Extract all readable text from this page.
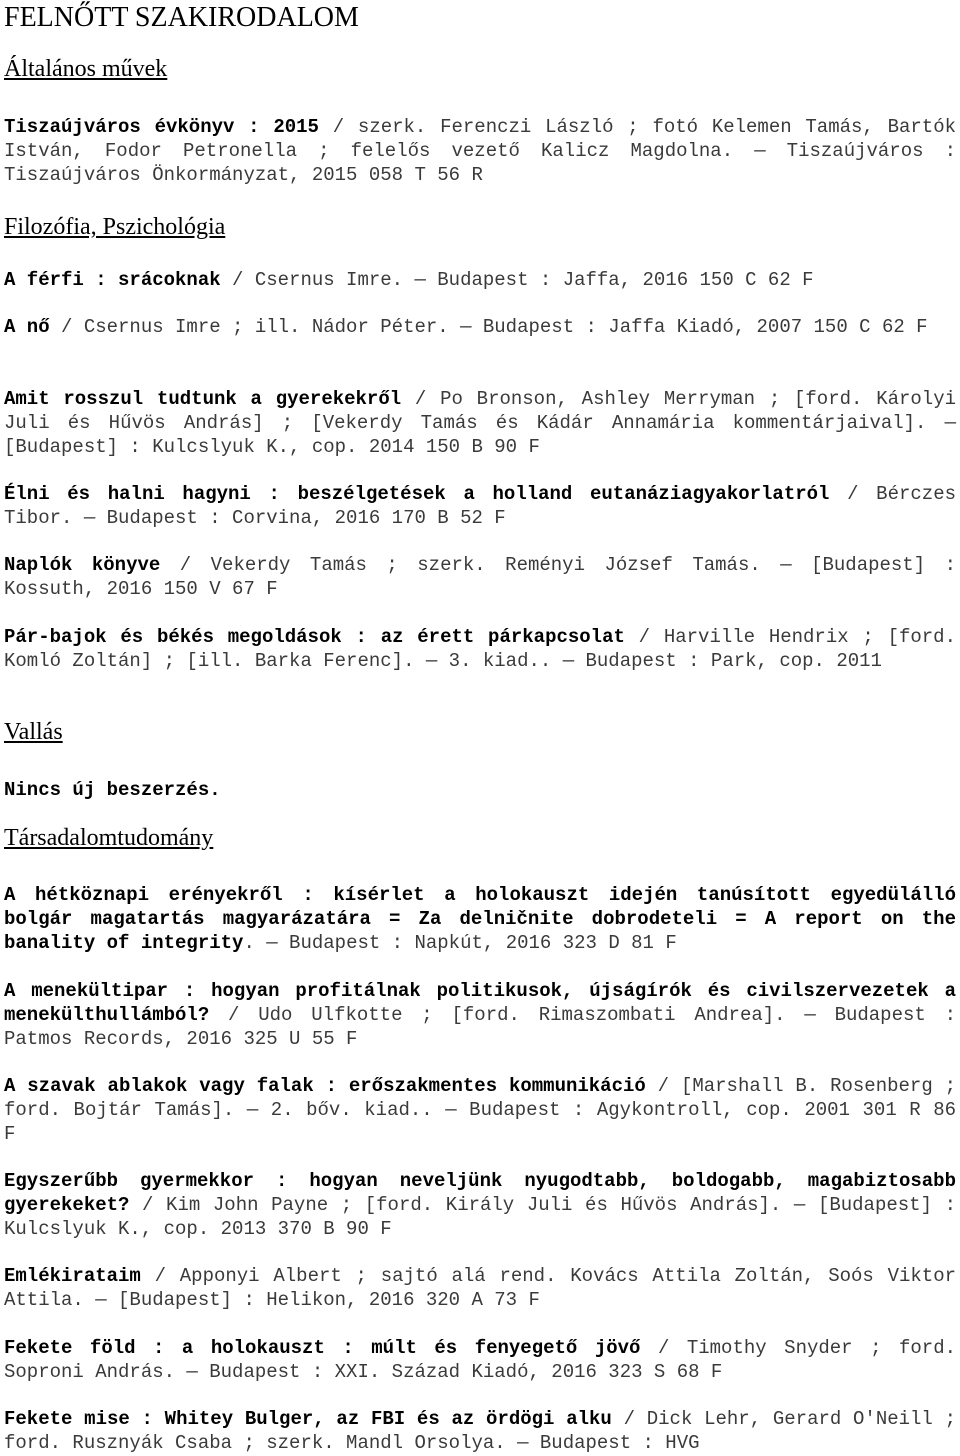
FELNŐTT SZAKIRODALOM
Általános művek

Tiszaújváros évkönyv : 2015 / szerk. Ferenczi László ; fotó Kelemen Tamás, Bartók István, Fodor Petronella ; felelős vezető Kalicz Magdolna. — Tiszaújváros : Tiszaújváros Önkormányzat, 2015 058 T 56 R

Filozófia, Pszichológia

A férfi : srácoknak / Csernus Imre. — Budapest : Jaffa, 2016 150 C 62 F

A nő / Csernus Imre ; ill. Nádor Péter. — Budapest : Jaffa Kiadó, 2007 150 C 62 F

Amit rosszul tudtunk a gyerekekről / Po Bronson, Ashley Merryman ; [ford. Károlyi Juli és Hűvös András] ; [Vekerdy Tamás és Kádár Annamária kommentárjaival]. — [Budapest] : Kulcslyuk K., cop. 2014 150 B 90 F

Élni és halni hagyni : beszélgetések a holland eutanáziagyakorlatról / Bérczes Tibor. — Budapest : Corvina, 2016 170 B 52 F

Naplók könyve / Vekerdy Tamás ; szerk. Reményi József Tamás. — [Budapest] : Kossuth, 2016 150 V 67 F

Pár-bajok és békés megoldások : az érett párkapcsolat / Harville Hendrix ; [ford. Komló Zoltán] ; [ill. Barka Ferenc]. — 3. kiad.. — Budapest : Park, cop. 2011

Vallás

Nincs új beszerzés.

Társadalomtudomány

A hétköznapi erényekről : kísérlet a holokauszt idején tanúsított egyedülálló bolgár magatartás magyarázatára = Za delničnite dobrodeteli = A report on the banality of integrity. — Budapest : Napkút, 2016 323 D 81 F

A menekültipar : hogyan profitálnak politikusok, újságírók és civilszervezetek a menekülthullámból? / Udo Ulfkotte ; [ford. Rimaszombati Andrea]. — Budapest : Patmos Records, 2016 325 U 55 F

A szavak ablakok vagy falak : erőszakmentes kommunikáció / [Marshall B. Rosenberg ; ford. Bojtár Tamás]. — 2. bőv. kiad.. — Budapest : Agykontroll, cop. 2001 301 R 86 F

Egyszerűbb gyermekkor : hogyan neveljünk nyugodtabb, boldogabb, magabiztosabb gyerekeket? / Kim John Payne ; [ford. Király Juli és Hűvös András]. — [Budapest] : Kulcslyuk K., cop. 2013 370 B 90 F

Emlékirataim / Apponyi Albert ; sajtó alá rend. Kovács Attila Zoltán, Soós Viktor Attila. — [Budapest] : Helikon, 2016 320 A 73 F

Fekete föld : a holokauszt : múlt és fenyegető jövő / Timothy Snyder ; ford. Soproni András. — Budapest : XXI. Század Kiadó, 2016 323 S 68 F

Fekete mise : Whitey Bulger, az FBI és az ördögi alku / Dick Lehr, Gerard O'Neill ; ford. Rusznyák Csaba ; szerk. Mandl Orsolya. — Budapest : HVG
